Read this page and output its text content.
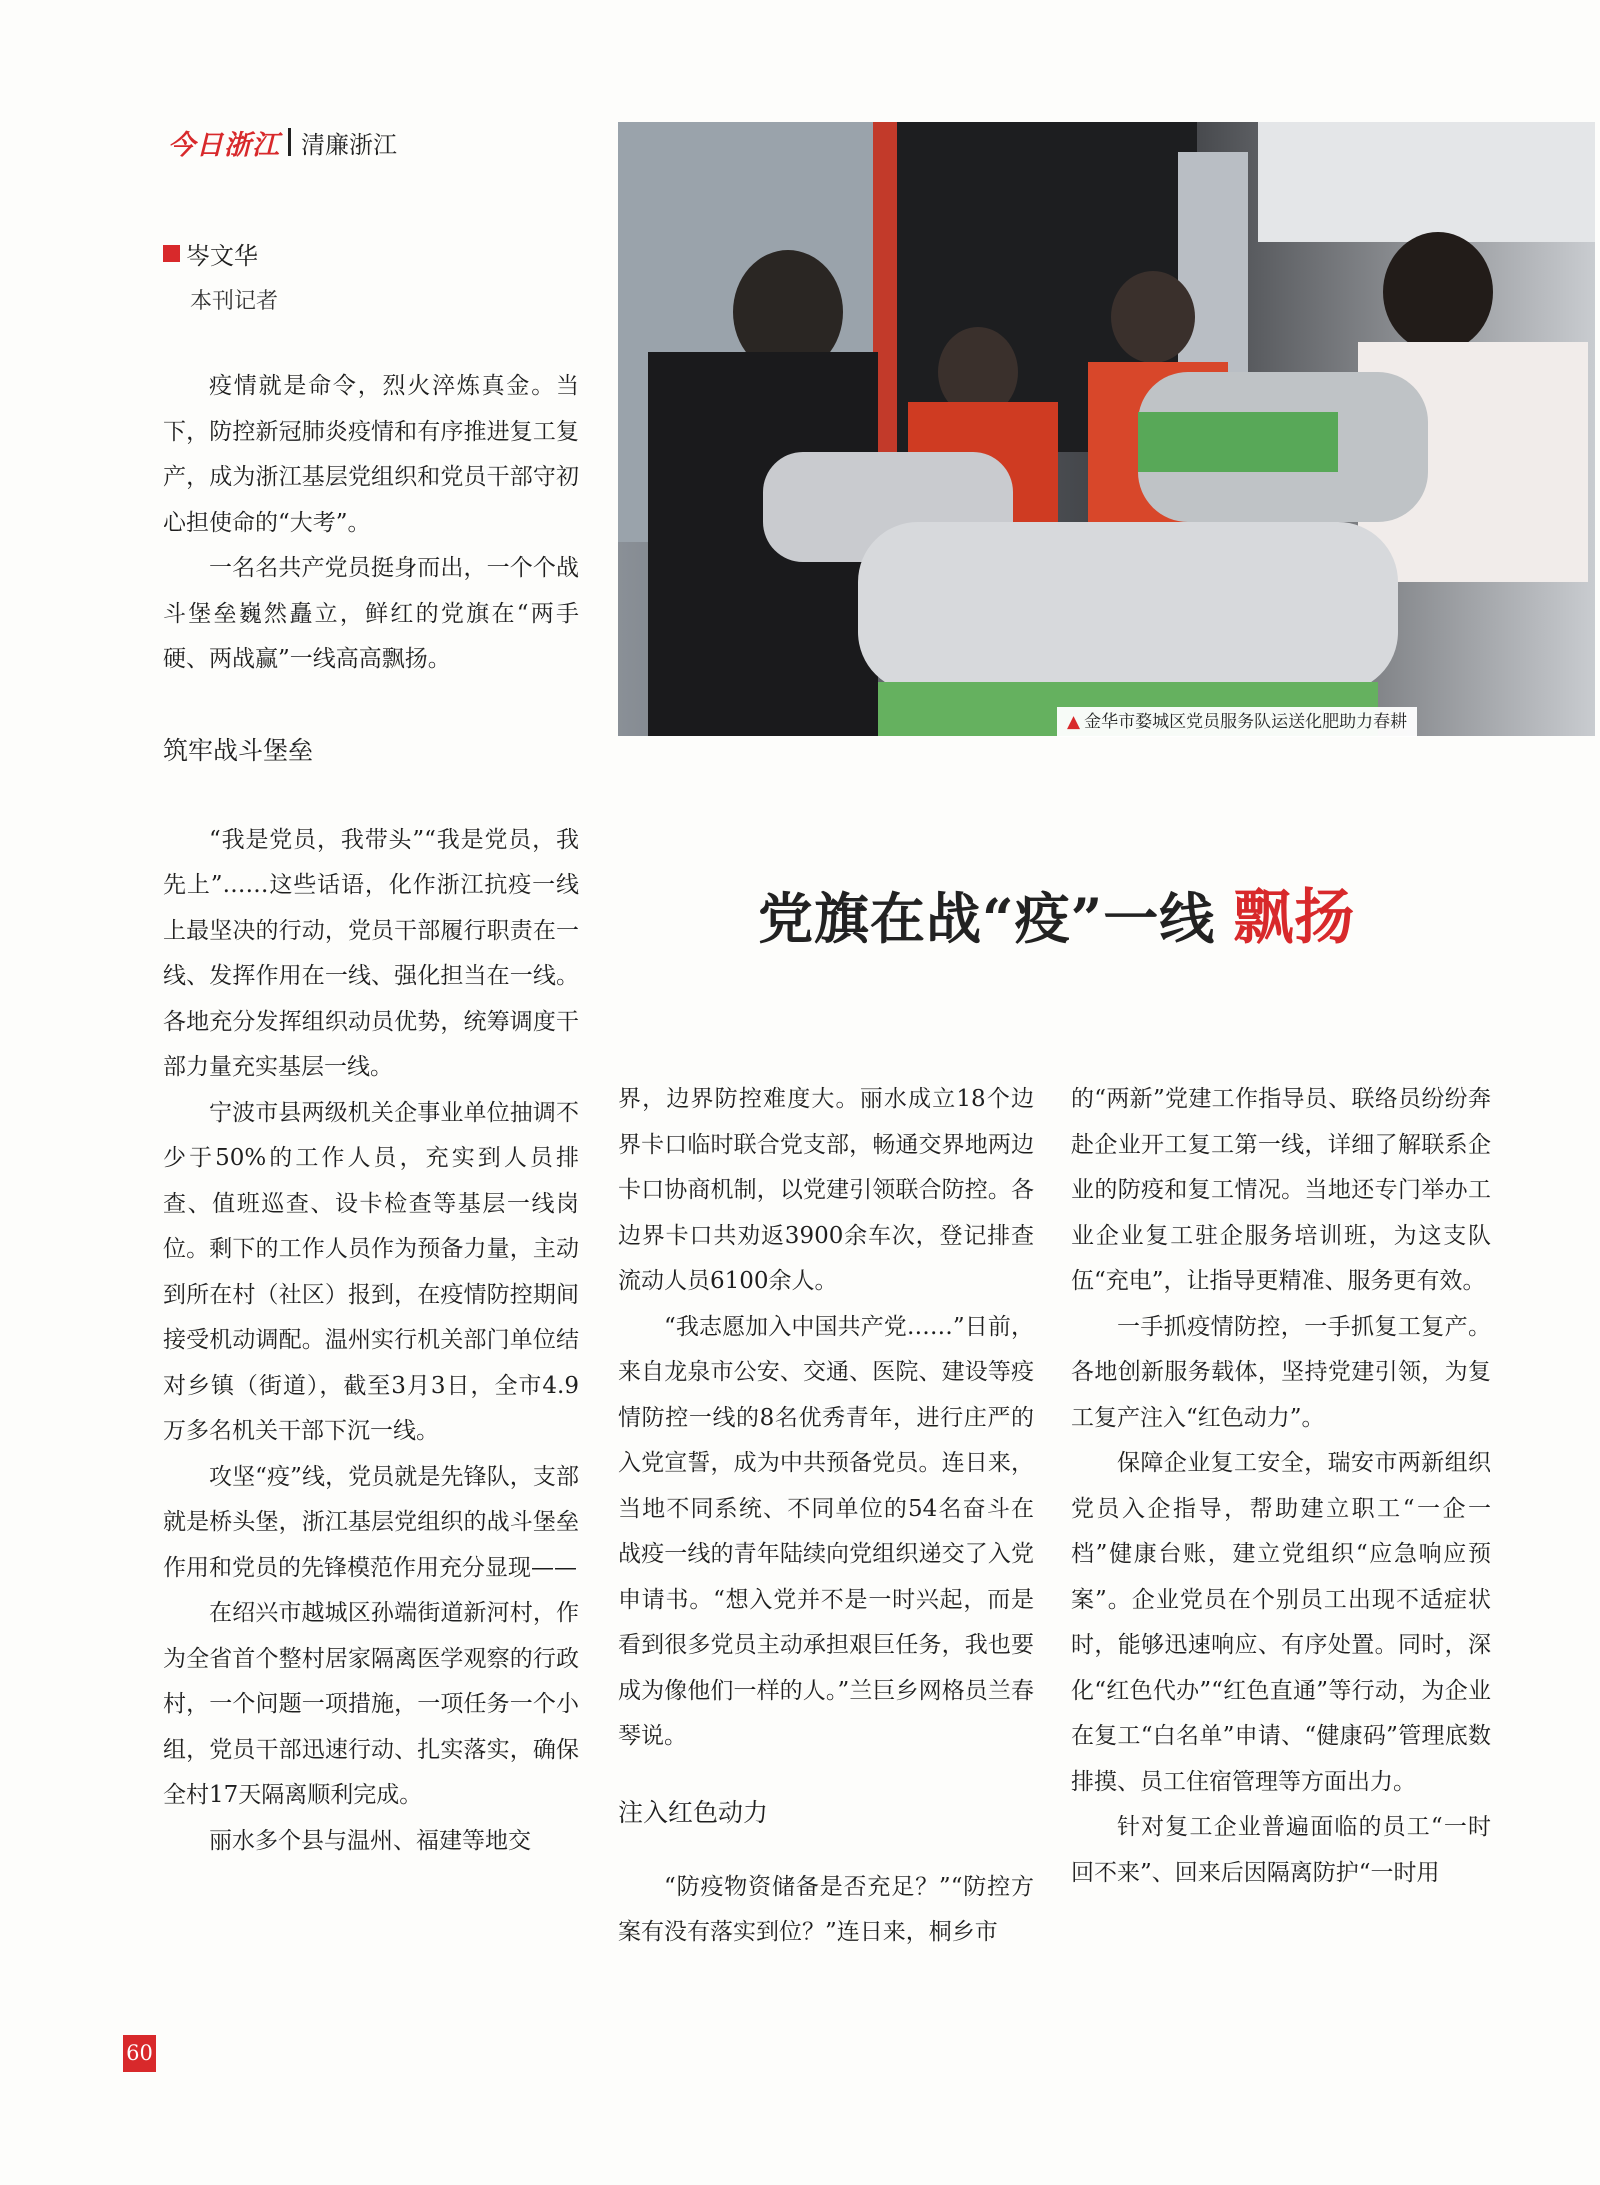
今日浙江 清廉浙江
岑文华
本刊记者

疫情就是命令，烈火淬炼真金。当下，防控新冠肺炎疫情和有序推进复工复产，成为浙江基层党组织和党员干部守初心担使命的“大考”。

一名名共产党员挺身而出，一个个战斗堡垒巍然矗立，鲜红的党旗在“两手硬、两战赢”一线高高飘扬。

筑牢战斗堡垒

“我是党员，我带头”“我是党员，我先上”……这些话语，化作浙江抗疫一线上最坚决的行动，党员干部履行职责在一线、发挥作用在一线、强化担当在一线。各地充分发挥组织动员优势，统筹调度干部力量充实基层一线。

宁波市县两级机关企事业单位抽调不少于50%的工作人员，充实到人员排查、值班巡查、设卡检查等基层一线岗位。剩下的工作人员作为预备力量，主动到所在村（社区）报到，在疫情防控期间接受机动调配。温州实行机关部门单位结对乡镇（街道），截至3月3日，全市4.9万多名机关干部下沉一线。

攻坚“疫”线，党员就是先锋队，支部就是桥头堡，浙江基层党组织的战斗堡垒作用和党员的先锋模范作用充分显现——

在绍兴市越城区孙端街道新河村，作为全省首个整村居家隔离医学观察的行政村，一个问题一项措施，一项任务一个小组，党员干部迅速行动、扎实落实，确保全村17天隔离顺利完成。

丽水多个县与温州、福建等地交

▲ 金华市婺城区党员服务队运送化肥助力春耕
党旗在战“疫”一线 飘扬

界，边界防控难度大。丽水成立18个边界卡口临时联合党支部，畅通交界地两边卡口协商机制，以党建引领联合防控。各边界卡口共劝返3900余车次，登记排查流动人员6100余人。

“我志愿加入中国共产党……”日前，来自龙泉市公安、交通、医院、建设等疫情防控一线的8名优秀青年，进行庄严的入党宣誓，成为中共预备党员。连日来，当地不同系统、不同单位的54名奋斗在战疫一线的青年陆续向党组织递交了入党申请书。“想入党并不是一时兴起，而是看到很多党员主动承担艰巨任务，我也要成为像他们一样的人。”兰巨乡网格员兰春琴说。

注入红色动力

“防疫物资储备是否充足？”“防控方案有没有落实到位？”连日来，桐乡市

的“两新”党建工作指导员、联络员纷纷奔赴企业开工复工第一线，详细了解联系企业的防疫和复工情况。当地还专门举办工业企业复工驻企服务培训班，为这支队伍“充电”，让指导更精准、服务更有效。

一手抓疫情防控，一手抓复工复产。各地创新服务载体，坚持党建引领，为复工复产注入“红色动力”。

保障企业复工安全，瑞安市两新组织党员入企指导，帮助建立职工“一企一档”健康台账，建立党组织“应急响应预案”。企业党员在个别员工出现不适症状时，能够迅速响应、有序处置。同时，深化“红色代办”“红色直通”等行动，为企业在复工“白名单”申请、“健康码”管理底数排摸、员工住宿管理等方面出力。

针对复工企业普遍面临的员工“一时回不来”、回来后因隔离防护“一时用

60
